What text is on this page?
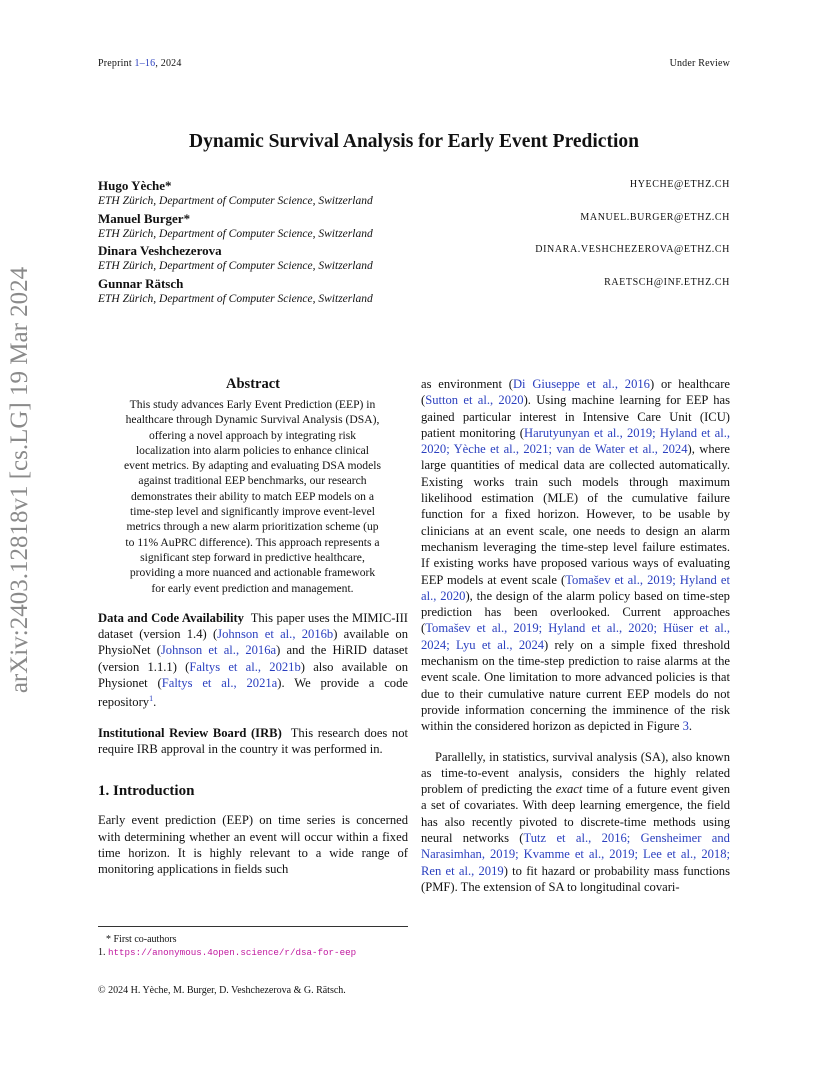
Preprint 1–16, 2024	Under Review
Dynamic Survival Analysis for Early Event Prediction
Hugo Yèche*	HYECHE@ETHZ.CH
ETH Zürich, Department of Computer Science, Switzerland
Manuel Burger*	MANUEL.BURGER@ETHZ.CH
ETH Zürich, Department of Computer Science, Switzerland
Dinara Veshchezerova	DINARA.VESHCHEZEROVA@ETHZ.CH
ETH Zürich, Department of Computer Science, Switzerland
Gunnar Rätsch	RAETSCH@INF.ETHZ.CH
ETH Zürich, Department of Computer Science, Switzerland
arXiv:2403.12818v1 [cs.LG] 19 Mar 2024	Abstract
This study advances Early Event Prediction (EEP) in healthcare through Dynamic Survival Analysis (DSA), offering a novel approach by integrating risk localization into alarm policies to enhance clinical event metrics. By adapting and evaluating DSA models against traditional EEP benchmarks, our research demonstrates their ability to match EEP models on a time-step level and significantly improve event-level metrics through a new alarm prioritization scheme (up to 11% AuPRC difference). This approach represents a significant step forward in predictive healthcare, providing a more nuanced and actionable framework for early event prediction and management.

Data and Code Availability This paper uses the MIMIC-III dataset (version 1.4) (Johnson et al., 2016b) available on PhysioNet (Johnson et al., 2016a) and the HiRID dataset (version 1.1.1) (Faltys et al., 2021b) also available on Physionet (Faltys et al., 2021a). We provide a code repository$^1$.

Institutional Review Board (IRB) This research does not require IRB approval in the country it was performed in.

1. Introduction

Early event prediction (EEP) on time series is concerned with determining whether an event will occur within a fixed time horizon. It is highly relevant to a wide range of monitoring applications in fields such

* First co-authors
1. https://anonymous.4open.science/r/dsa-for-eep
© 2024 H. Yèche, M. Burger, D. Veshchezerova & G. Rätsch.

as environment (Di Giuseppe et al., 2016) or healthcare (Sutton et al., 2020). Using machine learning for EEP has gained particular interest in Intensive Care Unit (ICU) patient monitoring (Harutyunyan et al., 2019; Hyland et al., 2020; Yèche et al., 2021; van de Water et al., 2024), where large quantities of medical data are collected automatically. Existing works train such models through maximum likelihood estimation (MLE) of the cumulative failure function for a fixed horizon. However, to be usable by clinicians at an event scale, one needs to design an alarm mechanism leveraging the time-step level failure estimates. If existing works have proposed various ways of evaluating EEP models at event scale (Tomašev et al., 2019; Hyland et al., 2020), the design of the alarm policy based on time-step prediction has been overlooked. Current approaches (Tomašev et al., 2019; Hyland et al., 2020; Hüser et al., 2024; Lyu et al., 2024) rely on a simple fixed threshold mechanism on the time-step prediction to raise alarms at the event scale. One limitation to more advanced policies is that due to their cumulative nature current EEP models do not provide information concerning the imminence of the risk within the considered horizon as depicted in Figure 3.

Parallelly, in statistics, survival analysis (SA), also known as time-to-event analysis, considers the highly related problem of predicting the exact time of a future event given a set of covariates. With deep learning emergence, the field has also recently pivoted to discrete-time methods using neural networks (Tutz et al., 2016; Gensheimer and Narasimhan, 2019; Kvamme et al., 2019; Lee et al., 2018; Ren et al., 2019) to fit hazard or probability mass functions (PMF). The extension of SA to longitudinal covari-
